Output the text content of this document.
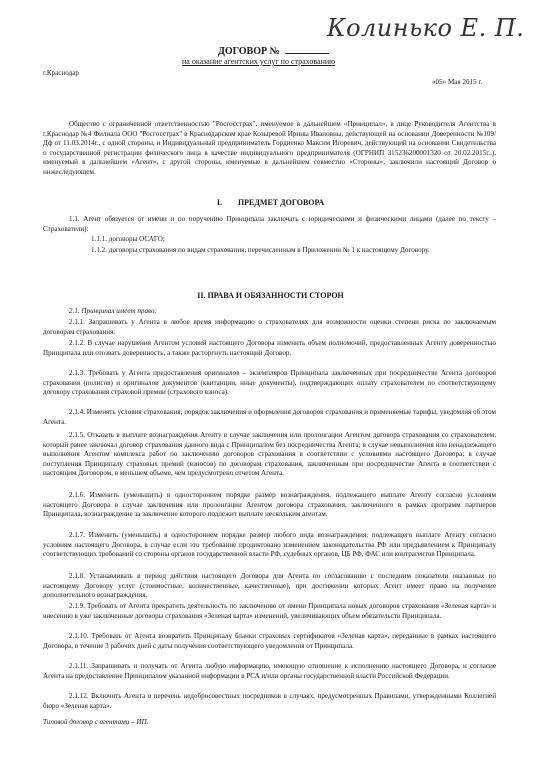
Колинько Е. П.
ДОГОВОР №
на оказание агентских услуг по страхованию
г.Краснодар
«05» Мая 2015 г.
Общество с ограниченной ответственностью "Росгосстрах", именуемое в дальнейшем «Принципал», в лице Руководителя Агентства в г.Краснодар №4 Филиала ООО "Росгосстрах" в Краснодарском крае Козыревой Ирины Ивановны, действующей на основании Доверенности №109/Дф от 11.03.2014г., с одной стороны, и Индивидуальный предприниматель Гордиенко Максим Игоревич, действующий на основании Свидетельства о государственной регистрации физического лица в качестве индивидуального предпринимателя (ОГРНИП 315236200001320 от 20.02.2015г.,), именуемый в дальнейшем «Агент», с другой стороны, именуемые в дальнейшем совместно «Стороны», заключили настоящий Договор о нижеследующем.
I.        ПРЕДМЕТ ДОГОВОРА
1.1. Агент обязуется от имени и по поручению Принципала заключать с юридическими и физическими лицами (далее по тексту – Страхователи):
1.1.1. договоры ОСАГО;
1.1.2. договоры страхования по видам страхования, перечисленным в Приложении № 1 к настоящему Договору.
II. ПРАВА И ОБЯЗАННОСТИ СТОРОН
2.1. Принципал имеет право:
2.1.1. Запрашивать у Агента в любое время информацию о страхователях для возможности оценки степени риска по заключаемым договорам страхования.
2.1.2. В случае нарушения Агентом условий настоящего Договора изменить объем полномочий, предоставленных Агенту доверенностью Принципала или отозвать доверенность, а также расторгнуть настоящий Договор.
2.1.3. Требовать у Агента предоставления оригиналов – экземпляров Принципала заключенных при посредничестве Агента договоров страхования (полисов) и оригиналов документов (квитанции, иные документы), подтверждающих оплату страхователем по соответствующему договору страхования страховой премии (страхового взноса).
2.1.4. Изменять условия страхования, порядок заключения и оформления договоров страхования и применяемые тарифы, уведомляя об этом Агента.
2.1.5. Отказать в выплате вознаграждения Агенту в случае заключения или пролонгации Агентом договора страхования со страхователем, который ранее заключал договор страхования данного вида с Принципалом без посредничества Агента; в случае невыполнения или ненадлежащего выполнения Агентом комплекса работ по заключению договоров страхования в соответствии с условиями настоящего Договора; в случае поступления Принципалу страховых премий (взносов) по договорам страхования, заключенным при посредничестве Агента в соответствии с настоящим Договором, в меньшем объеме, чем предусмотрено отчетом Агента.
2.1.6. Изменить (уменьшить) в одностороннем порядке размер вознаграждения, подлежащего выплате Агенту согласно условиям настоящего Договора в случае заключения или пролонгации Агентом договора страхования, заключенного в рамках программ партнеров Принципала, вознаграждение за заключение которого подлежит выплате нескольким агентам.
2.1.7. Изменить (уменьшить) в одностороннем порядке размер любого вида вознаграждения, подлежащего выплате Агенту согласно условиям настоящего Договора, в случае если это требование продиктовано изменением законодательства РФ или предъявлением к Принципалу соответствующих требований со стороны органов государственной власти РФ, судебных органов, ЦБ РФ, ФАС или контрагентов Принципала.
2.1.8. Устанавливать в период действия настоящего Договора для Агента по согласованию с последним показатели оказанных по настоящему Договору услуг (стоимостные, количественные, качественные), при достижении которых Агент имеет право на получение дополнительного вознаграждения.
2.1.9. Требовать от Агента прекратить деятельность по заключению от имени Принципала новых договоров страхования «Зеленая карта» и внесению в уже заключенные договоры страхования «Зеленая карта» изменений, увеличивающих объем обязательств Принципала.
2.1.10. Требовать от Агента возвратить Принципалу бланки страховых сертификатов «Зеленая карта», переданные в рамках настоящего Договора, в течение 3 рабочих дней с даты получения соответствующего уведомления от Принципала.
2.1.11. Запрашивать и получать от Агента любую информацию, имеющую отношение к исполнению настоящего Договора, и согласие Агента на предоставление Принципалом указанной информации в РСА и/или органы государственной власти Российской Федерации.
2.1.12. Включить Агента в перечень недобросовестных посредников в случаях, предусмотренных Правилами, утвержденными Коллегией бюро «Зеленая карта».
Типовой договор с агентами – ИП.
